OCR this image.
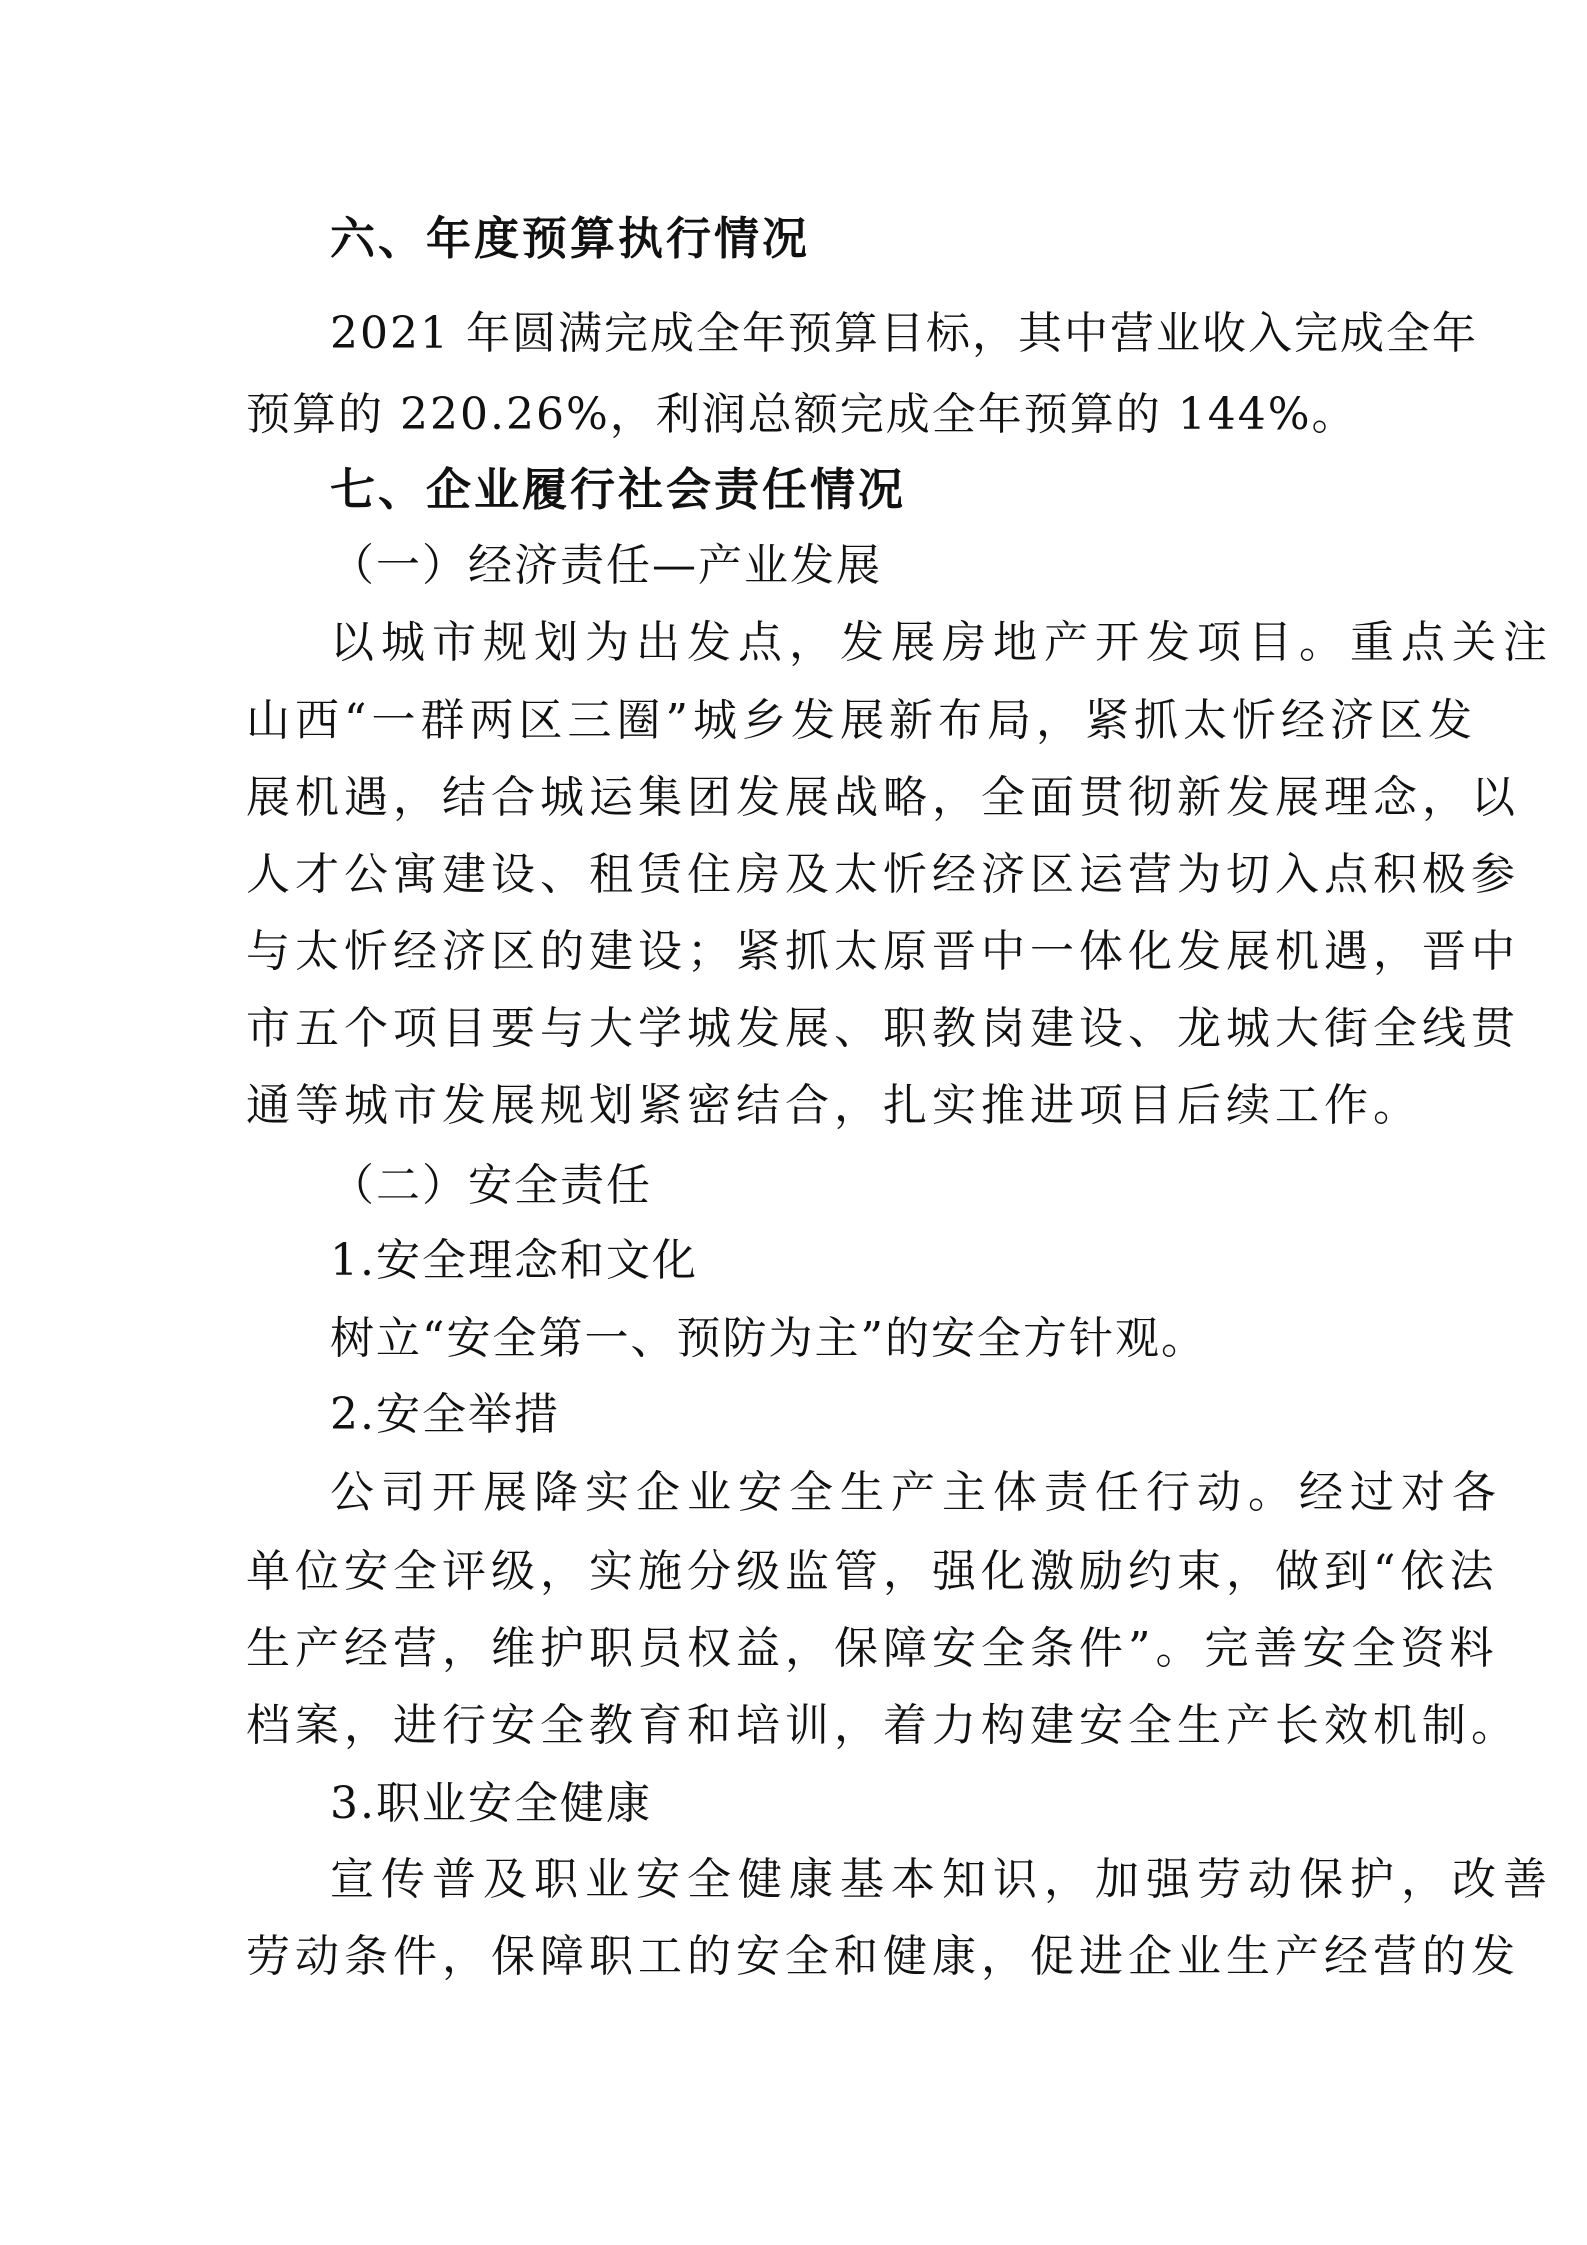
六、年度预算执行情况
2021 年圆满完成全年预算目标，其中营业收入完成全年
预算的 220.26%，利润总额完成全年预算的 144%。
七、企业履行社会责任情况
（一）经济责任—产业发展
以城市规划为出发点，发展房地产开发项目。重点关注
山西“一群两区三圈”城乡发展新布局，紧抓太忻经济区发
展机遇，结合城运集团发展战略，全面贯彻新发展理念，以
人才公寓建设、租赁住房及太忻经济区运营为切入点积极参
与太忻经济区的建设；紧抓太原晋中一体化发展机遇，晋中
市五个项目要与大学城发展、职教岗建设、龙城大街全线贯
通等城市发展规划紧密结合，扎实推进项目后续工作。
（二）安全责任
1.安全理念和文化
树立“安全第一、预防为主”的安全方针观。
2.安全举措
公司开展降实企业安全生产主体责任行动。经过对各
单位安全评级，实施分级监管，强化激励约束，做到“依法
生产经营，维护职员权益，保障安全条件”。完善安全资料
档案，进行安全教育和培训，着力构建安全生产长效机制。
3.职业安全健康
宣传普及职业安全健康基本知识，加强劳动保护，改善
劳动条件，保障职工的安全和健康，促进企业生产经营的发
